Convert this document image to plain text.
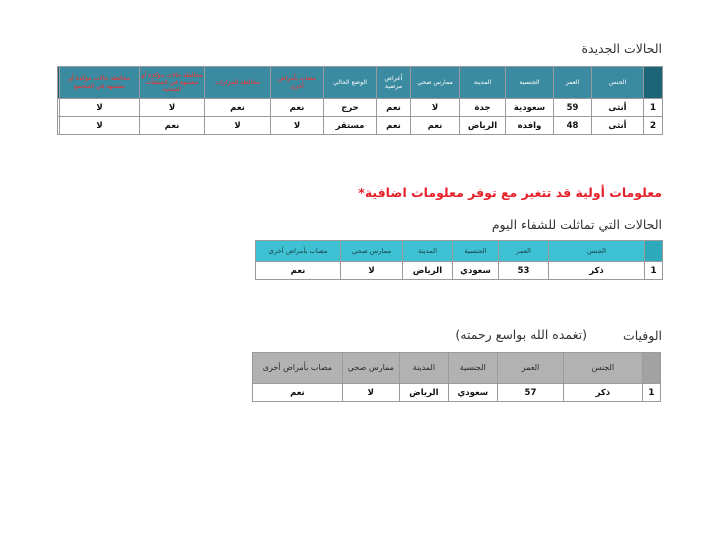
الحالات الجديدة
	الجنس	العمر	الجنسية	المدينة	ممارس صحي	أعراض مرضية	الوضع الحالي	مصاب بأمراض أخرى	مخالطة للمزارات	مخالطة حالات مؤكدة أو مشتبهة في المنشآت الصحية	مخالطة حالات مؤكدة أو مشتبهة في المجتمع	
1	أنثى	59	سعودية	جدة	لا	نعم	حرج	نعم	نعم	لا	لا	
2	أنثى	48	وافده	الرياض	نعم	نعم	مستقر	لا	لا	نعم	لا	
معلومات أولية قد تتغير مع توفر معلومات اضافية*
الحالات التي تماثلت للشفاء اليوم
	الجنس	العمر	الجنسية	المدينة	ممارس صحي	مصاب بأمراض أخرى
1	ذكر	53	سعودي	الرياض	لا	نعم
الوفيات
(تغمده الله بواسع رحمته)
	الجنس	العمر	الجنسية	المدينة	ممارس صحي	مصاب بأمراض أخرى
1	ذكر	57	سعودي	الرياض	لا	نعم
